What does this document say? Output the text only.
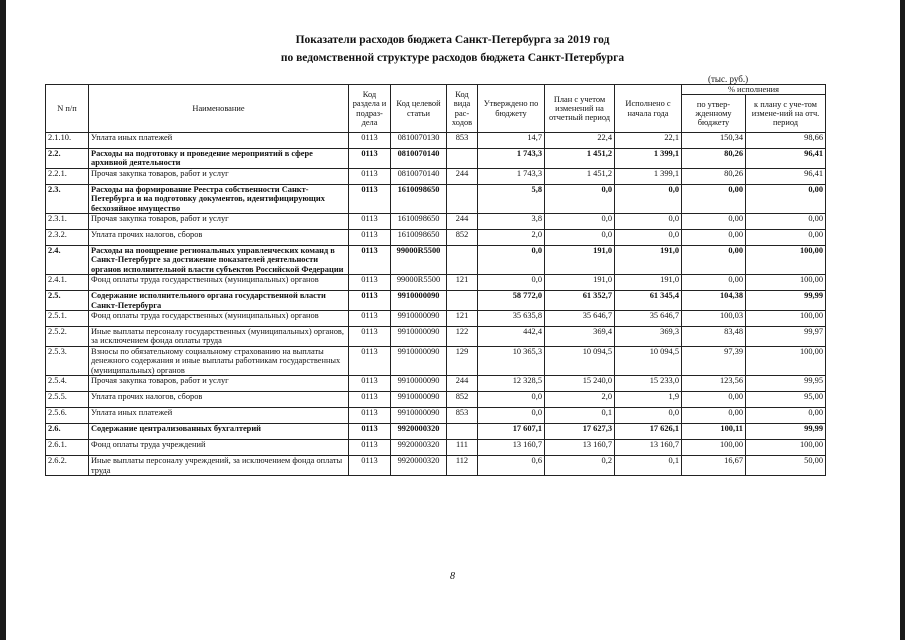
Показатели расходов бюджета Санкт-Петербурга за 2019 год
по ведомственной структуре расходов бюджета Санкт-Петербурга
(тыс. руб.)
N п/п	Наименование	Код раздела и подраз-дела	Код целевой статьи	Код вида рас-ходов	Утверждено по бюджету	План с учетом изменений на отчетный период	Исполнено с начала года	% исполнения	
								по утвер-жденному бюджету	к плану с уче-том измене-ний на отч. период
2.1.10.	Уплата иных платежей	0113	0810070130	853	14,7	22,4	22,1	150,34	98,66
2.2.	Расходы на подготовку и проведение мероприятий в сфере архивной деятельности	0113	0810070140		1 743,3	1 451,2	1 399,1	80,26	96,41
2.2.1.	Прочая закупка товаров, работ и услуг	0113	0810070140	244	1 743,3	1 451,2	1 399,1	80,26	96,41
2.3.	Расходы на формирование Реестра собственности Санкт-Петербурга и на подготовку документов, идентифицирующих бесхозяйное имущество	0113	1610098650		5,8	0,0	0,0	0,00	0,00
2.3.1.	Прочая закупка товаров, работ и услуг	0113	1610098650	244	3,8	0,0	0,0	0,00	0,00
2.3.2.	Уплата прочих налогов, сборов	0113	1610098650	852	2,0	0,0	0,0	0,00	0,00
2.4.	Расходы на поощрение региональных управленческих команд в Санкт-Петербурге за достижение показателей деятельности органов исполнительной власти субъектов Российской Федерации	0113	99000R5500		0,0	191,0	191,0	0,00	100,00
2.4.1.	Фонд оплаты труда государственных (муниципальных) органов	0113	99000R5500	121	0,0	191,0	191,0	0,00	100,00
2.5.	Содержание исполнительного органа государственной власти Санкт-Петербурга	0113	9910000090		58 772,0	61 352,7	61 345,4	104,38	99,99
2.5.1.	Фонд оплаты труда государственных (муниципальных) органов	0113	9910000090	121	35 635,8	35 646,7	35 646,7	100,03	100,00
2.5.2.	Иные выплаты персоналу государственных (муниципальных) органов, за исключением фонда оплаты труда	0113	9910000090	122	442,4	369,4	369,3	83,48	99,97
2.5.3.	Взносы по обязательному социальному страхованию на выплаты денежного содержания и иные выплаты работникам государственных (муниципальных) органов	0113	9910000090	129	10 365,3	10 094,5	10 094,5	97,39	100,00
2.5.4.	Прочая закупка товаров, работ и услуг	0113	9910000090	244	12 328,5	15 240,0	15 233,0	123,56	99,95
2.5.5.	Уплата прочих налогов, сборов	0113	9910000090	852	0,0	2,0	1,9	0,00	95,00
2.5.6.	Уплата иных платежей	0113	9910000090	853	0,0	0,1	0,0	0,00	0,00
2.6.	Содержание централизованных бухгалтерий	0113	9920000320		17 607,1	17 627,3	17 626,1	100,11	99,99
2.6.1.	Фонд оплаты труда учреждений	0113	9920000320	111	13 160,7	13 160,7	13 160,7	100,00	100,00
2.6.2.	Иные выплаты персоналу учреждений, за исключением фонда оплаты труда	0113	9920000320	112	0,6	0,2	0,1	16,67	50,00
8
